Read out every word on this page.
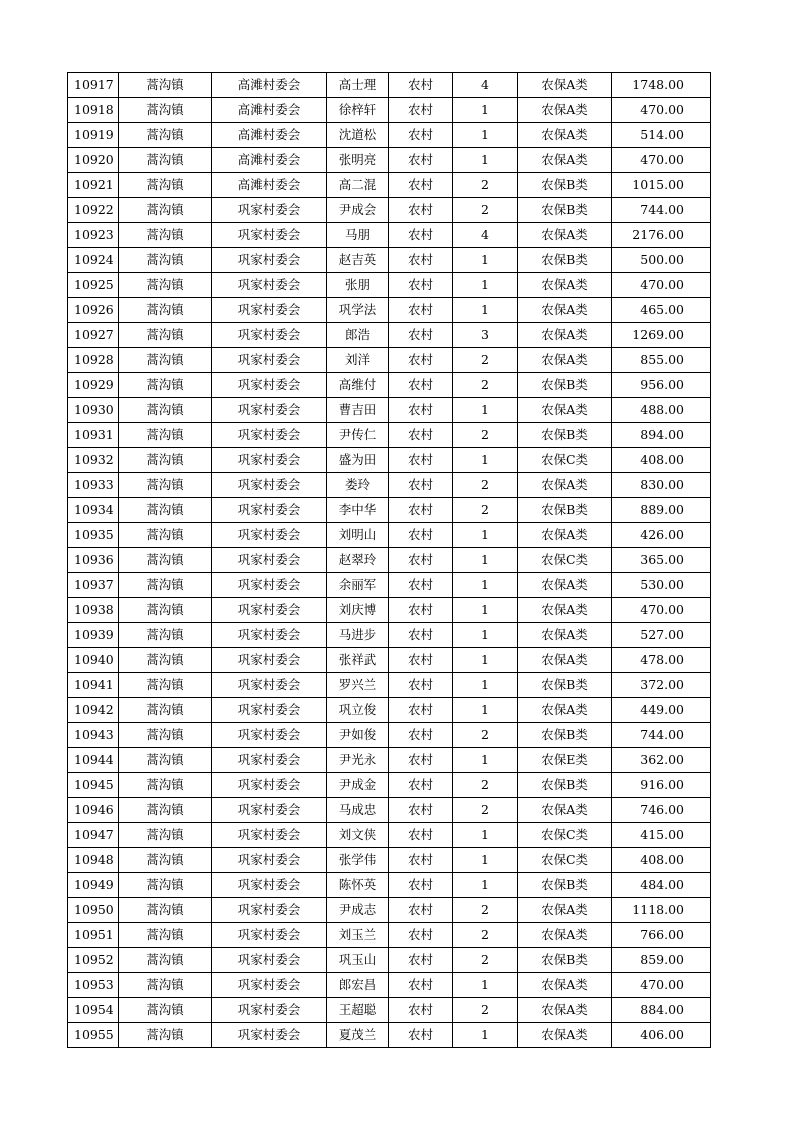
10917	蒿沟镇	高滩村委会	高士理	农村	4	农保A类	1748.00
10918	蒿沟镇	高滩村委会	徐梓轩	农村	1	农保A类	470.00
10919	蒿沟镇	高滩村委会	沈道松	农村	1	农保A类	514.00
10920	蒿沟镇	高滩村委会	张明亮	农村	1	农保A类	470.00
10921	蒿沟镇	高滩村委会	高二混	农村	2	农保B类	1015.00
10922	蒿沟镇	巩家村委会	尹成会	农村	2	农保B类	744.00
10923	蒿沟镇	巩家村委会	马朋	农村	4	农保A类	2176.00
10924	蒿沟镇	巩家村委会	赵吉英	农村	1	农保B类	500.00
10925	蒿沟镇	巩家村委会	张朋	农村	1	农保A类	470.00
10926	蒿沟镇	巩家村委会	巩学法	农村	1	农保A类	465.00
10927	蒿沟镇	巩家村委会	郎浩	农村	3	农保A类	1269.00
10928	蒿沟镇	巩家村委会	刘洋	农村	2	农保A类	855.00
10929	蒿沟镇	巩家村委会	高维付	农村	2	农保B类	956.00
10930	蒿沟镇	巩家村委会	曹吉田	农村	1	农保A类	488.00
10931	蒿沟镇	巩家村委会	尹传仁	农村	2	农保B类	894.00
10932	蒿沟镇	巩家村委会	盛为田	农村	1	农保C类	408.00
10933	蒿沟镇	巩家村委会	娄玲	农村	2	农保A类	830.00
10934	蒿沟镇	巩家村委会	李中华	农村	2	农保B类	889.00
10935	蒿沟镇	巩家村委会	刘明山	农村	1	农保A类	426.00
10936	蒿沟镇	巩家村委会	赵翠玲	农村	1	农保C类	365.00
10937	蒿沟镇	巩家村委会	余丽军	农村	1	农保A类	530.00
10938	蒿沟镇	巩家村委会	刘庆博	农村	1	农保A类	470.00
10939	蒿沟镇	巩家村委会	马进步	农村	1	农保A类	527.00
10940	蒿沟镇	巩家村委会	张祥武	农村	1	农保A类	478.00
10941	蒿沟镇	巩家村委会	罗兴兰	农村	1	农保B类	372.00
10942	蒿沟镇	巩家村委会	巩立俊	农村	1	农保A类	449.00
10943	蒿沟镇	巩家村委会	尹如俊	农村	2	农保B类	744.00
10944	蒿沟镇	巩家村委会	尹光永	农村	1	农保E类	362.00
10945	蒿沟镇	巩家村委会	尹成金	农村	2	农保B类	916.00
10946	蒿沟镇	巩家村委会	马成忠	农村	2	农保A类	746.00
10947	蒿沟镇	巩家村委会	刘文侠	农村	1	农保C类	415.00
10948	蒿沟镇	巩家村委会	张学伟	农村	1	农保C类	408.00
10949	蒿沟镇	巩家村委会	陈怀英	农村	1	农保B类	484.00
10950	蒿沟镇	巩家村委会	尹成志	农村	2	农保A类	1118.00
10951	蒿沟镇	巩家村委会	刘玉兰	农村	2	农保A类	766.00
10952	蒿沟镇	巩家村委会	巩玉山	农村	2	农保B类	859.00
10953	蒿沟镇	巩家村委会	郎宏昌	农村	1	农保A类	470.00
10954	蒿沟镇	巩家村委会	王超聪	农村	2	农保A类	884.00
10955	蒿沟镇	巩家村委会	夏茂兰	农村	1	农保A类	406.00
